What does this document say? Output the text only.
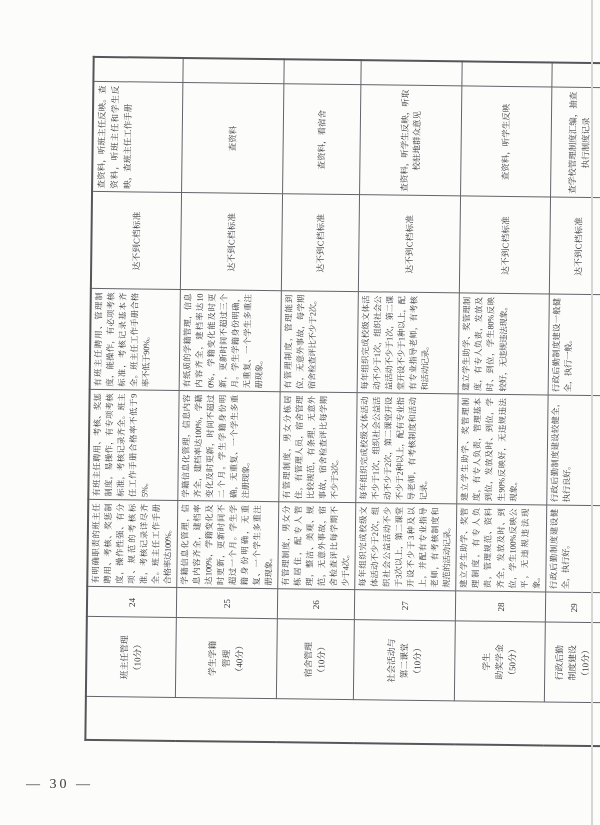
	班主任管理
（10分）	24	有明确职责的班主任聘用、考核、奖惩制度，操作性强、有分项、规范的考核标准，考核记录详尽齐全。班主任工作手册合格率达100%。	有班主任聘用、考核、奖惩制度，易操作，有专项考核标准，考核记录齐全。班主任工作手册合格率不低于95%。	有班主任聘用、管理制度，能操作，有必项考核标准，考核记录基本齐全。班主任工作手册合格率不低于90%。	达不到C档标准	查资料，听班主任反映。查资料，听班主任和学生反映，查班主任工作手册	
	学生学籍
管理
（40分）	25	学籍信息化管理，信息内容齐全，建档率达100%，学籍变化及时更新，更新时间不超过一个月。学生学籍身份明确，无重复、一个学生多重注册现象。	学籍信息化管理，信息内容齐全，建档率达100%，学籍变化及时更新，时间不超过二个月。学生学籍身份明确，无重复、一个学生多重注册现象。	有纸质的学籍管理，信息内容齐全，建档率达100%，学籍变化能及时更新，更新时间不超过三个月。学生学籍身份明确，无重复、一个学生多重注册现象。	达不到C档标准	查资料	
	宿舍管理
（10分）	26	有管理制度，男女分栋居住，配专人管理，整洁、美观、规范，无意外事故，宿舍检查评比每学期不少于4次。	有管理制度，男女分栋居住，有管理人员，宿舍管理比较规范，有条理，无意外事故，宿舍检查评比每学期不少于3次。	有管理制度，管理能到位，无意外事故，每学期宿舍检查评比不少于2次。	达不到C档标准	查资料，看宿舍	
	社会活动与
第二课堂
（10分）	27	每年组织完成校级文体活动不少于2次，组织社会公益活动不少于3次以上，第二课堂开设不少于3种及以上，并配有专业指导老师，有考核制度和规范的活动记录。	每年组织完成校级文体活动不少于1次，组织社会公益活动不少于2次，第二课堂开设不少于2种以上，配有专业指导老师，有考核制度和活动记录。	每年组织完成校级文体活动不少于1次，组织社会公益活动不少于1次，第二课堂开设不少于1种以上，配有专业指导老师，有考核和活动记录。	达不到C档标准	查资料，听学生反映，听取校驻地群众意见	
	学生
助奖学金
（50分）	28	建立学生助学、奖管理制度，有专人负责，管理规范、资料齐全，发放及时、到位，学生100%反映公平，无违规违法现象。	建立学生助学、奖管理制度，有专人负责，管理基本到位，发放及时、到位，学生90%反映好，无违规违法现象。	建立学生助学、奖管理制度，有专人负责，发放及时、到位，学生80%反映较好，无违规违法现象。	达不到C档标准	查资料，听学生反映	
	行政后勤
制度建设
（10分）	29	行政后勤制度建设健全，执行好。	行政后勤制度建设较健全，执行良好。	行政后勤制度建设一般健全，执行一般。	达不到C档标准	查学校管理制度汇编，抽查执行制度记录	
— 30 —
